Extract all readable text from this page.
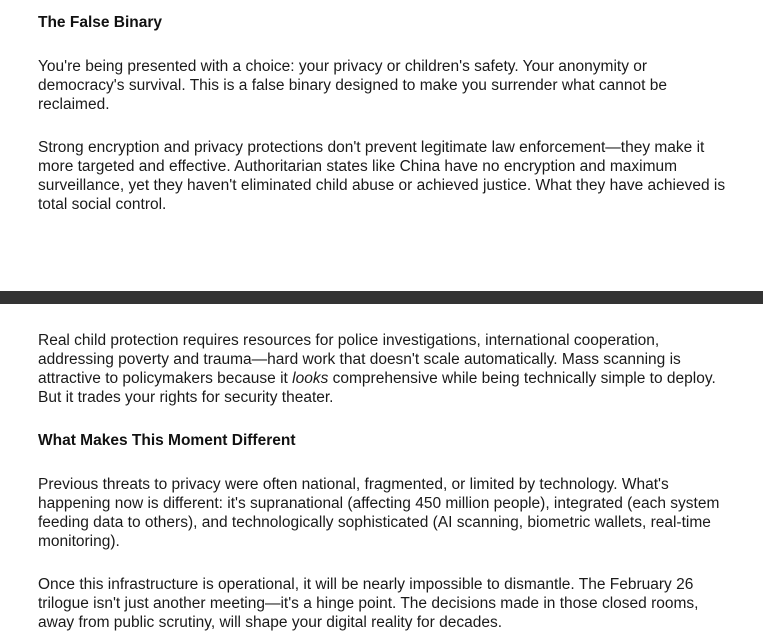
The False Binary

You're being presented with a choice: your privacy or children's safety. Your anonymity or democracy's survival. This is a false binary designed to make you surrender what cannot be reclaimed.

Strong encryption and privacy protections don't prevent legitimate law enforcement—they make it more targeted and effective. Authoritarian states like China have no encryption and maximum surveillance, yet they haven't eliminated child abuse or achieved justice. What they have achieved is total social control.

Real child protection requires resources for police investigations, international cooperation, addressing poverty and trauma—hard work that doesn't scale automatically. Mass scanning is attractive to policymakers because it looks comprehensive while being technically simple to deploy. But it trades your rights for security theater.

What Makes This Moment Different

Previous threats to privacy were often national, fragmented, or limited by technology. What's happening now is different: it's supranational (affecting 450 million people), integrated (each system feeding data to others), and technologically sophisticated (AI scanning, biometric wallets, real-time monitoring).

Once this infrastructure is operational, it will be nearly impossible to dismantle. The February 26 trilogue isn't just another meeting—it's a hinge point. The decisions made in those closed rooms, away from public scrutiny, will shape your digital reality for decades.
